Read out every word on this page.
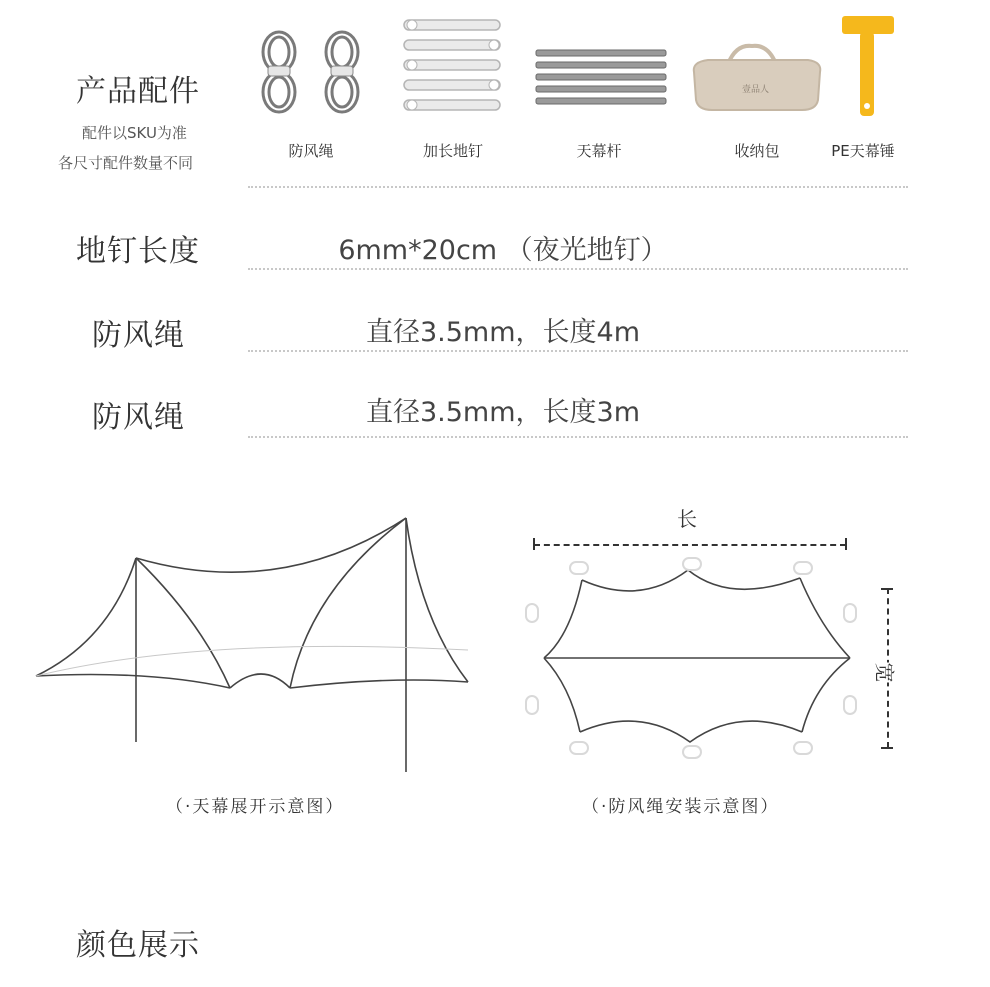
产品配件
配件以SKU为准
各尺寸配件数量不同
防风绳	加长地钉	天幕杆
壹品人
收纳包	PE天幕锤
地钉长度	6mm*20cm （夜光地钉）
防风绳	直径3.5mm，长度4m
防风绳	直径3.5mm，长度3m
（·天幕展开示意图）
长
宽
（·防风绳安装示意图）
颜色展示
